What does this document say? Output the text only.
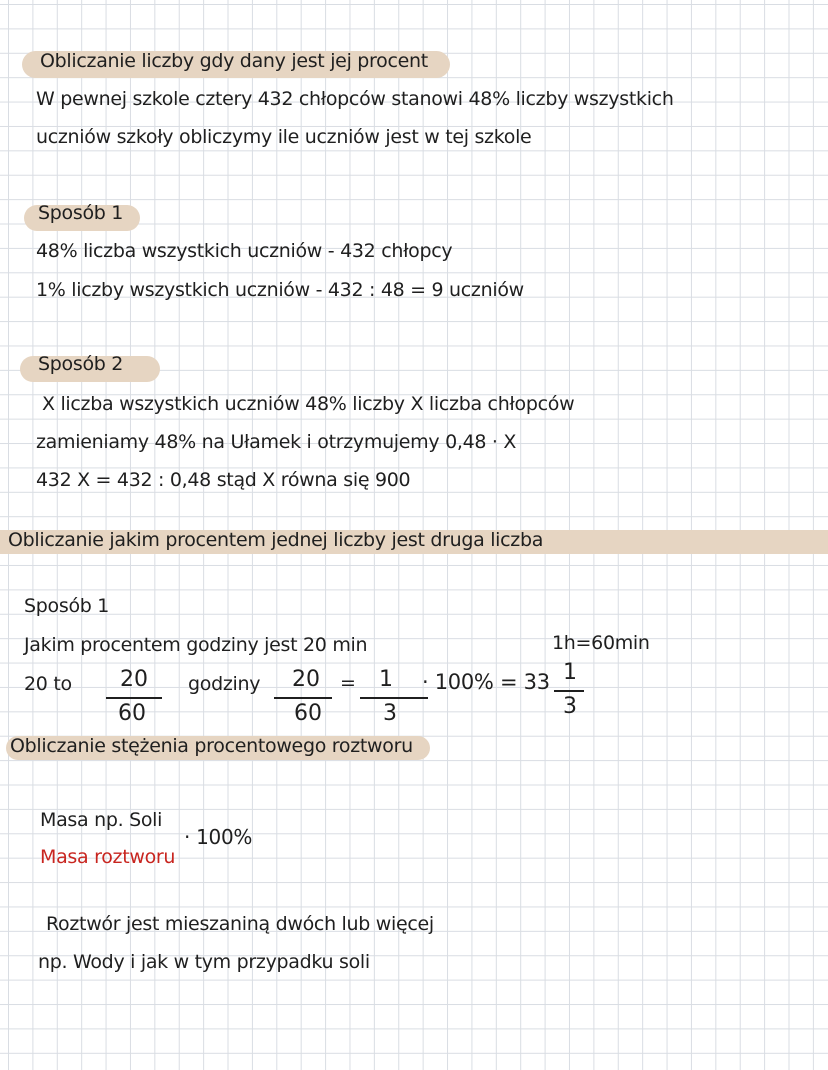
Obliczanie liczby gdy dany jest jej procent
W pewnej szkole cztery 432 chłopców stanowi 48% liczby wszystkich
uczniów szkoły obliczymy ile uczniów jest w tej szkole
Sposób 1
48% liczba wszystkich uczniów - 432 chłopcy
1% liczby wszystkich uczniów - 432 : 48 = 9 uczniów
Sposób 2
X liczba wszystkich uczniów 48% liczby X liczba chłopców
zamieniamy 48% na Ułamek i otrzymujemy 0,48 · X
432 X = 432 : 0,48 stąd X równa się 900
Obliczanie jakim procentem jednej liczby jest druga liczba
Sposób 1
Jakim procentem godziny jest 20 min	1h=60min
20 to	20
60
godziny	20
60
=	1
3
· 100% = 33 1
3
Obliczanie stężenia procentowego roztworu
Masa np. Soli
Masa roztworu
· 100%
Roztwór jest mieszaniną dwóch lub więcej
np. Wody i jak w tym przypadku soli
